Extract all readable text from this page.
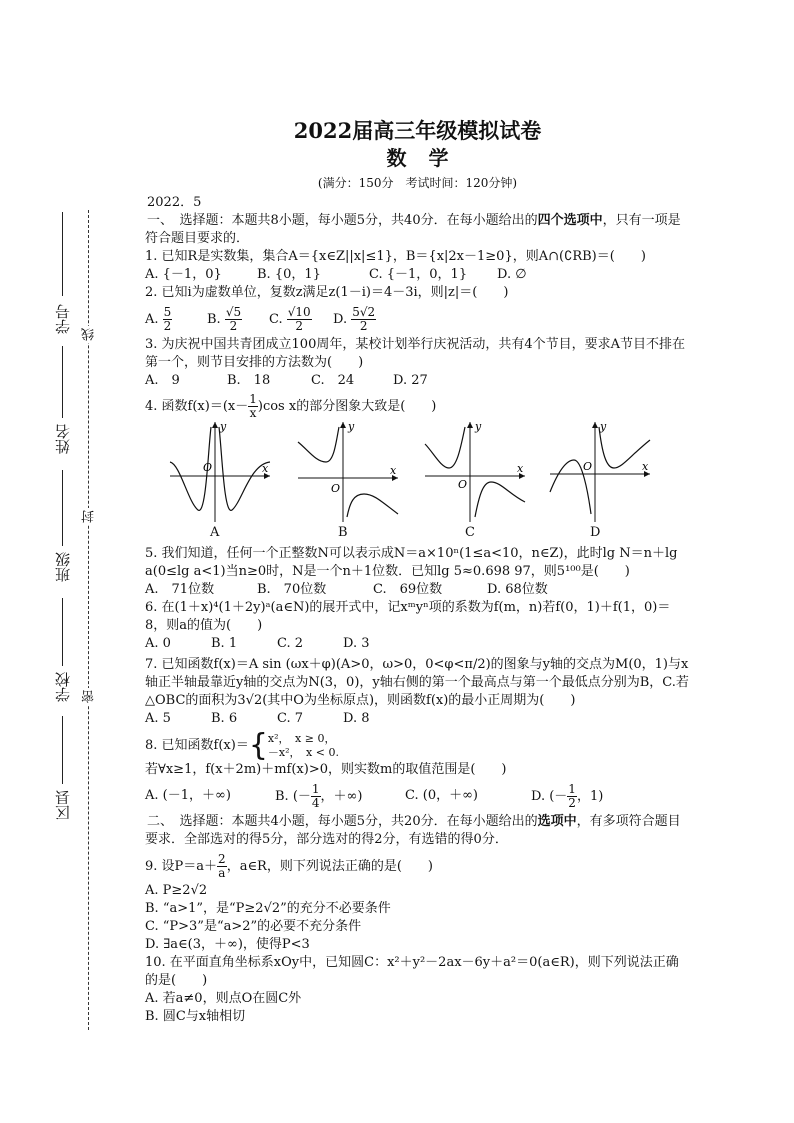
线
封
密
学号
姓名
班级
学校
区县

2022届高三年级模拟试卷

数学

(满分：150分　考试时间：120分钟)

2022．5

一、　选择题：本题共8小题，每小题5分，共40分．在每小题给出的四个选项中，只有一项是符合题目要求的．

1. 已知R是实数集，集合A＝{x∈Z||x|≤1}，B＝{x|2x－1≥0}，则A∩(∁RB)＝(　　)

A. {－1，0}	B. {0，1}	C. {－1，0，1}	D. ∅

2. 已知i为虚数单位，复数z满足z(1－i)＝4－3i，则|z|＝(　　)

A. $\frac{5}{2}$	B. $\frac{√5}{2} C$. $\frac{√10}{2} D$. $\frac{5√2}{2}$

3. 为庆祝中国共青团成立100周年，某校计划举行庆祝活动，共有4个节目，要求A节目不排在第一个，则节目安排的方法数为(　　)

A.　9	B.　18	C.　24	D. 27

4. 函数$f(x)=(x- \frac{1}{x} )\cos$ x的部分图象大致是(　　)

y
x
O
A
y
x
O
B
y
x
O
C
y
x
O
D

5. 我们知道，任何一个正整数N可以表示成N＝a×10ⁿ(1≤a<10，n∈Z)，此时lg N＝n＋lg a(0≤lg a<1)当n≥0时，N是一个n＋1位数．已知lg 5≈0.698 97，则5¹⁰⁰是(　　)

A.　71位数	B.　70位数	C.　69位数	D. 68位数

6. 在(1＋x)⁴(1＋2y)ᵃ(a∈N)的展开式中，记xᵐyⁿ项的系数为f(m，n)若f(0，1)＋f(1，0)＝8，则a的值为(　　)

A. 0	B. 1	C. 2	D. 3

7. 已知函数f(x)＝A sin (ωx＋φ)(A>0，ω>0，0<φ<π/2)的图象与y轴的交点为M(0，1)与x轴正半轴最靠近y轴的交点为N(3，0)，y轴右侧的第一个最高点与第一个最低点分别为B，C.若△OBC的面积为3√2(其中O为坐标原点)，则函数f(x)的最小正周期为(　　)

A. 5	B. 6	C. 7	D. 8
8. 已知函数f(x)＝ { x²，　x ≥ 0，
－x²，　x < 0.
若∀x≥1，f(x＋2m)＋mf(x)>0，则实数m的取值范围是(　　)
A. (－1，＋∞)	B. (－ $\frac{1}{4}$ ，＋∞)	C. (0，＋∞)	D. (－ $\frac{1}{2}$ ，1)

二、　选择题：本题共4小题，每小题5分，共20分．在每小题给出的选项中，有多项符合题目要求．全部选对的得5分，部分选对的得2分，有选错的得0分．

9. 设$P=a+ \frac{2}{a}$ ，a∈R，则下列说法正确的是(　　)

A. P≥2√2

B. “a>1”，是“P≥2√2”的充分不必要条件

C. “P>3”是“a>2”的必要不充分条件

D. ∃a∈(3，＋∞)，使得P<3

10. 在平面直角坐标系xOy中，已知圆C：x²＋y²－2ax－6y＋a²＝0(a∈R)，则下列说法正确的是(　　)

A. 若a≠0，则点O在圆C外

B. 圆C与x轴相切
